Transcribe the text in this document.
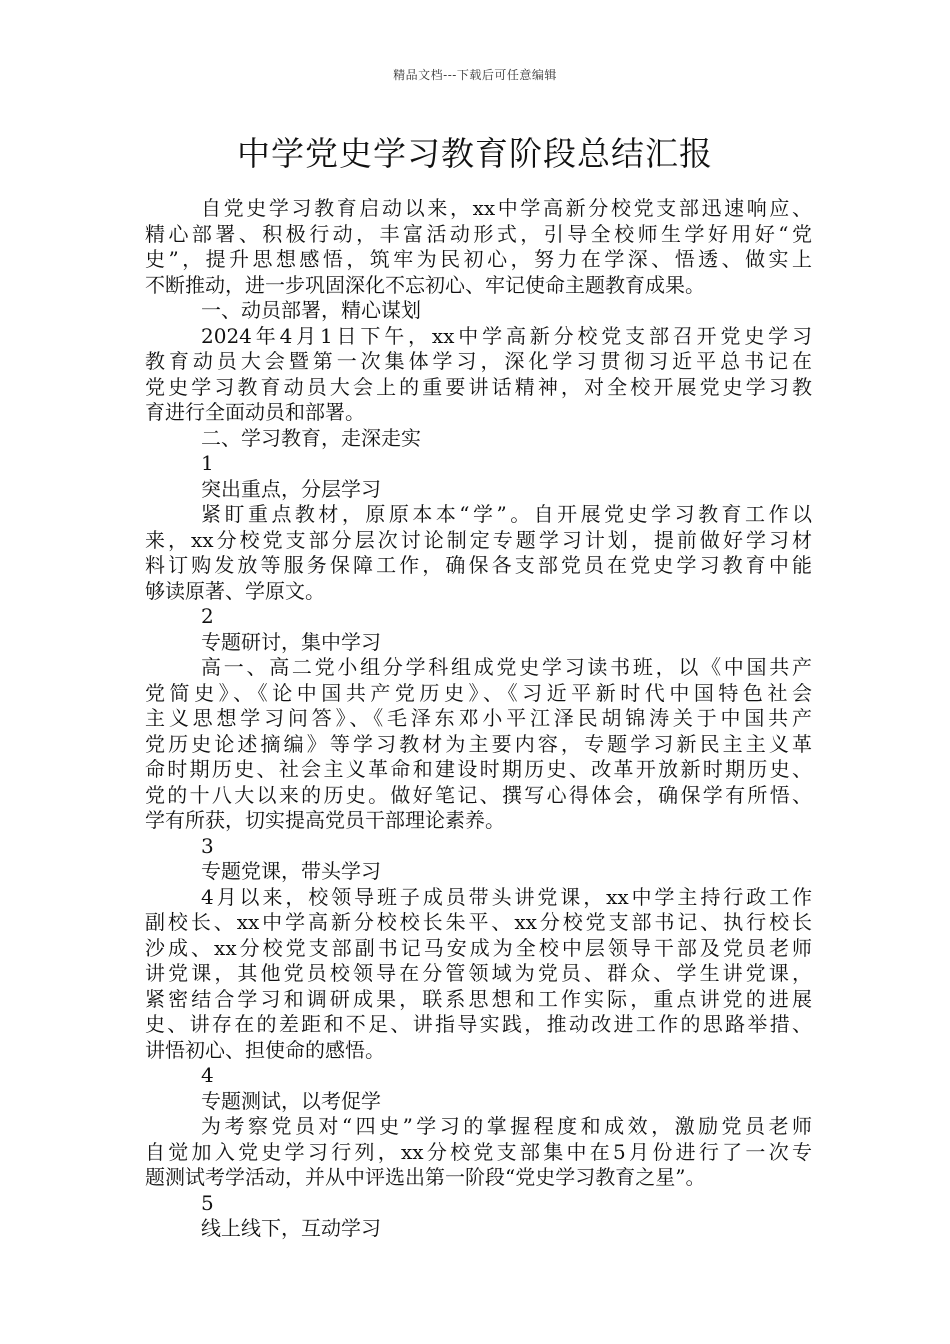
精品文档---下载后可任意编辑
中学党史学习教育阶段总结汇报
自党史学习教育启动以来，xx中学高新分校党支部迅速响应、
精心部署、积极行动，丰富活动形式，引导全校师生学好用好“党
史”，提升思想感悟，筑牢为民初心，努力在学深、悟透、做实上
不断推动，进一步巩固深化不忘初心、牢记使命主题教育成果。
一、动员部署，精心谋划
2024年4月1日下午，xx中学高新分校党支部召开党史学习
教育动员大会暨第一次集体学习，深化学习贯彻习近平总书记在
党史学习教育动员大会上的重要讲话精神，对全校开展党史学习教
育进行全面动员和部署。
二、学习教育，走深走实
1
突出重点，分层学习
紧盯重点教材，原原本本“学”。自开展党史学习教育工作以
来，xx分校党支部分层次讨论制定专题学习计划，提前做好学习材
料订购发放等服务保障工作，确保各支部党员在党史学习教育中能
够读原著、学原文。
2
专题研讨，集中学习
高一、高二党小组分学科组成党史学习读书班，以《中国共产
党简史》、《论中国共产党历史》、《习近平新时代中国特色社会
主义思想学习问答》、《毛泽东邓小平江泽民胡锦涛关于中国共产
党历史论述摘编》等学习教材为主要内容，专题学习新民主主义革
命时期历史、社会主义革命和建设时期历史、改革开放新时期历史、
党的十八大以来的历史。做好笔记、撰写心得体会，确保学有所悟、
学有所获，切实提高党员干部理论素养。
3
专题党课，带头学习
4月以来，校领导班子成员带头讲党课，xx中学主持行政工作
副校长、xx中学高新分校校长朱平、xx分校党支部书记、执行校长
沙成、xx分校党支部副书记马安成为全校中层领导干部及党员老师
讲党课，其他党员校领导在分管领域为党员、群众、学生讲党课，
紧密结合学习和调研成果，联系思想和工作实际，重点讲党的进展
史、讲存在的差距和不足、讲指导实践，推动改进工作的思路举措、
讲悟初心、担使命的感悟。
4
专题测试，以考促学
为考察党员对“四史”学习的掌握程度和成效，激励党员老师
自觉加入党史学习行列，xx分校党支部集中在5月份进行了一次专
题测试考学活动，并从中评选出第一阶段“党史学习教育之星”。
5
线上线下，互动学习
